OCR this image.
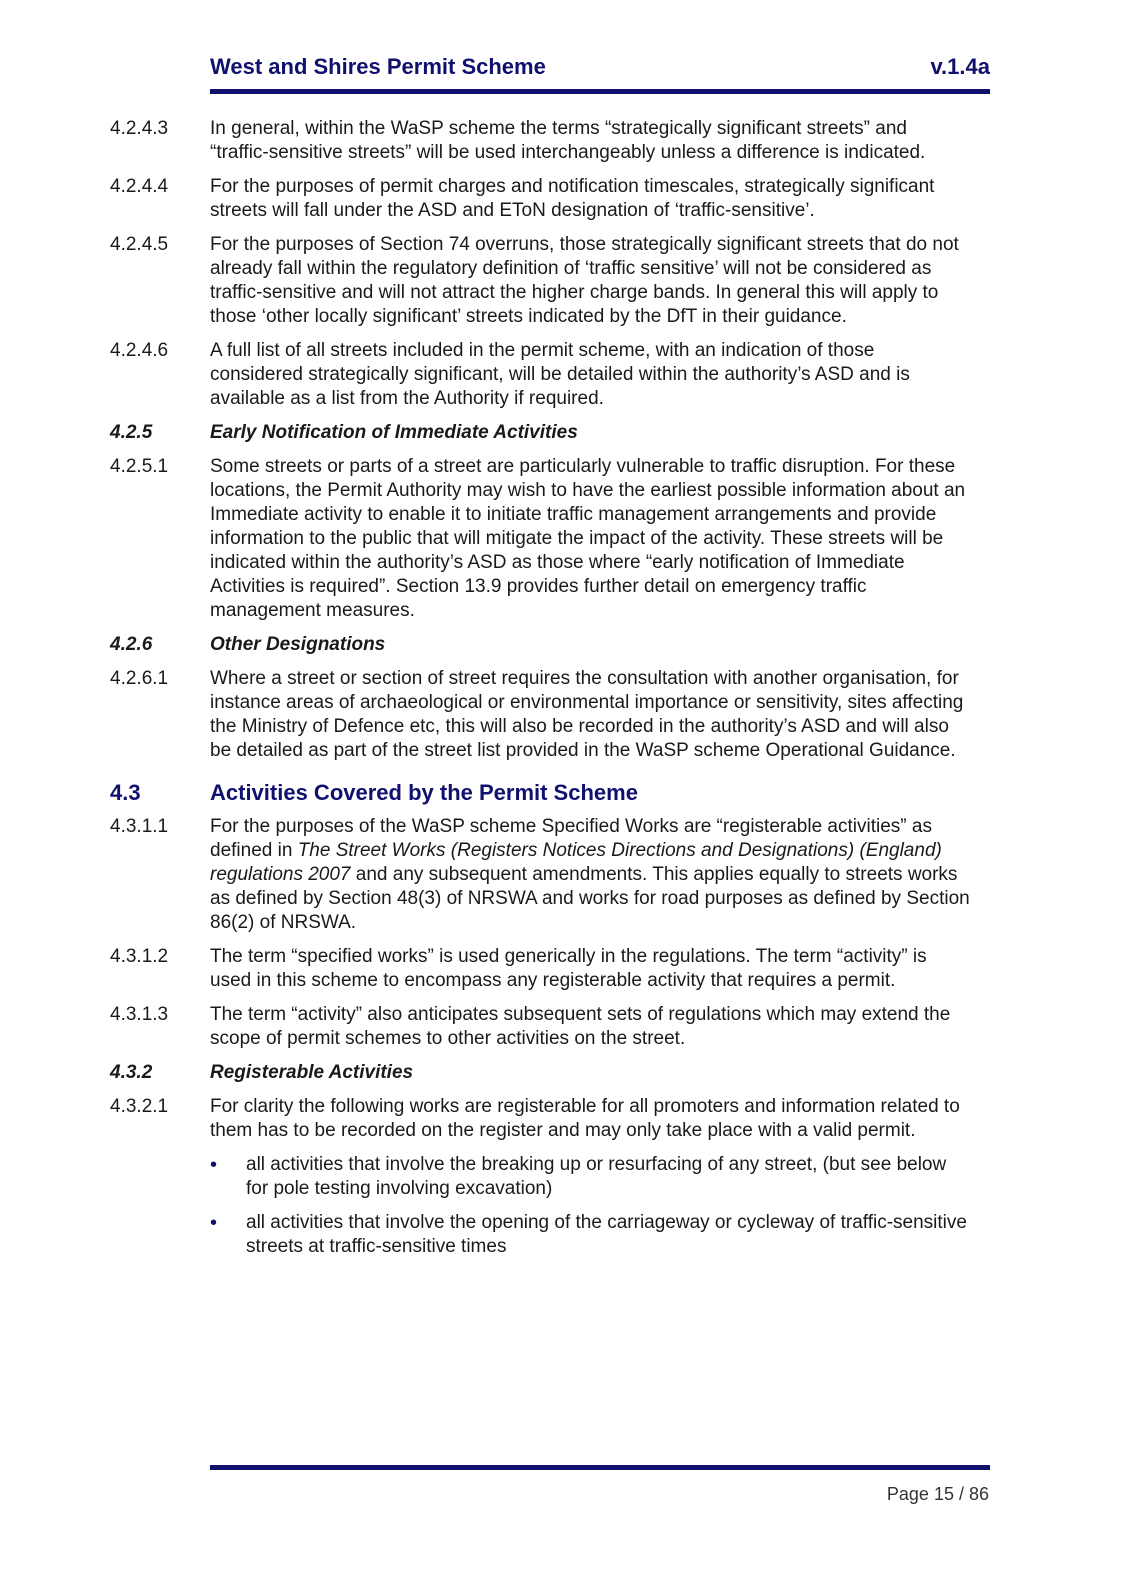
West and Shires Permit Scheme	v.1.4a
4.2.4.3 In general, within the WaSP scheme the terms “strategically significant streets” and “traffic-sensitive streets” will be used interchangeably unless a difference is indicated.
4.2.4.4 For the purposes of permit charges and notification timescales, strategically significant streets will fall under the ASD and EToN designation of ‘traffic-sensitive’.
4.2.4.5 For the purposes of Section 74 overruns, those strategically significant streets that do not already fall within the regulatory definition of ‘traffic sensitive’ will not be considered as traffic-sensitive and will not attract the higher charge bands. In general this will apply to those ‘other locally significant’ streets indicated by the DfT in their guidance.
4.2.4.6 A full list of all streets included in the permit scheme, with an indication of those considered strategically significant, will be detailed within the authority’s ASD and is available as a list from the Authority if required.
4.2.5	Early Notification of Immediate Activities
4.2.5.1 Some streets or parts of a street are particularly vulnerable to traffic disruption. For these locations, the Permit Authority may wish to have the earliest possible information about an Immediate activity to enable it to initiate traffic management arrangements and provide information to the public that will mitigate the impact of the activity. These streets will be indicated within the authority’s ASD as those where “early notification of Immediate Activities is required”. Section 13.9 provides further detail on emergency traffic management measures.
4.2.6	Other Designations
4.2.6.1 Where a street or section of street requires the consultation with another organisation, for instance areas of archaeological or environmental importance or sensitivity, sites affecting the Ministry of Defence etc, this will also be recorded in the authority’s ASD and will also be detailed as part of the street list provided in the WaSP scheme Operational Guidance.
4.3	Activities Covered by the Permit Scheme
4.3.1.1 For the purposes of the WaSP scheme Specified Works are “registerable activities” as defined in The Street Works (Registers Notices Directions and Designations) (England) regulations 2007 and any subsequent amendments. This applies equally to streets works as defined by Section 48(3) of NRSWA and works for road purposes as defined by Section 86(2) of NRSWA.
4.3.1.2 The term “specified works” is used generically in the regulations. The term “activity” is used in this scheme to encompass any registerable activity that requires a permit.
4.3.1.3 The term “activity” also anticipates subsequent sets of regulations which may extend the scope of permit schemes to other activities on the street.
4.3.2	Registerable Activities
4.3.2.1 For clarity the following works are registerable for all promoters and information related to them has to be recorded on the register and may only take place with a valid permit.
• all activities that involve the breaking up or resurfacing of any street, (but see below for pole testing involving excavation)
• all activities that involve the opening of the carriageway or cycleway of traffic-sensitive streets at traffic-sensitive times
Page 15 / 86
